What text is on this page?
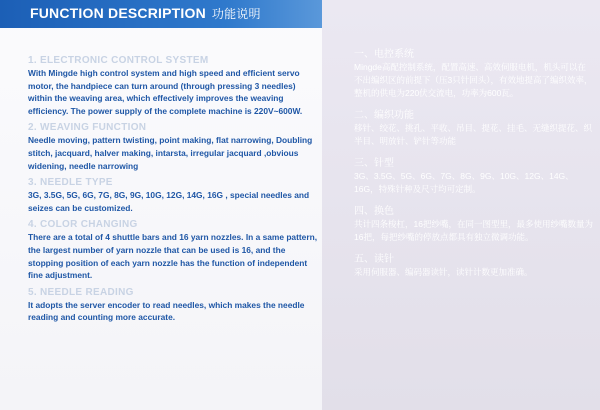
FUNCTION DESCRIPTION 功能说明
1. ELECTRONIC CONTROL SYSTEM
With Mingde high control system and high speed and efficient servo motor, the handpiece can turn around (through pressing 3 needles) within the weaving area, which effectively improves the weaving efficiency. The power supply of the complete machine is 220V~600W.
2. WEAVING FUNCTION
Needle moving, pattern twisting, point making, flat narrowing, Doubling stitch, jacquard, halver making, intarsta, irregular jacquard ,obvious widening, needle narrowing
3. NEEDLE TYPE
3G, 3.5G, 5G, 6G, 7G, 8G, 9G, 10G, 12G, 14G, 16G , special needles and seizes can be customized.
4. COLOR CHANGING
There are a total of 4 shuttle bars and 16 yarn nozzles. In a same pattern, the largest number of yarn nozzle that can be used is 16, and the stopping position of each yarn nozzle has the function of independent fine adjustment.
5. NEEDLE READING
It adopts the server encoder to read needles, which makes the needle reading and counting more accurate.
一、电控系统
Mingde高配控制系统，配置高速、高效伺服电机，机头可以在不出编织区的前提下（压3只针回头），有效地提高了编织效率，整机的供电为220伏交流电，功率为600瓦。
二、编织功能
移针、绞花、挑孔、平收、吊目、提花、挂毛、无缝织提花、织半目、明放针、铲针等功能
三、针型
3G、3.5G、5G、6G、7G、8G、9G、10G、12G、14G、16G，特殊针种及尺寸均可定制。
四、换色
共计四条梭杠，16把纱嘴，在同一图型里，最多使用纱嘴数量为16把，每把纱嘴的停放点都具有独立微调功能。
五、读针
采用伺服器、编码器读针，读针计数更加准确。
